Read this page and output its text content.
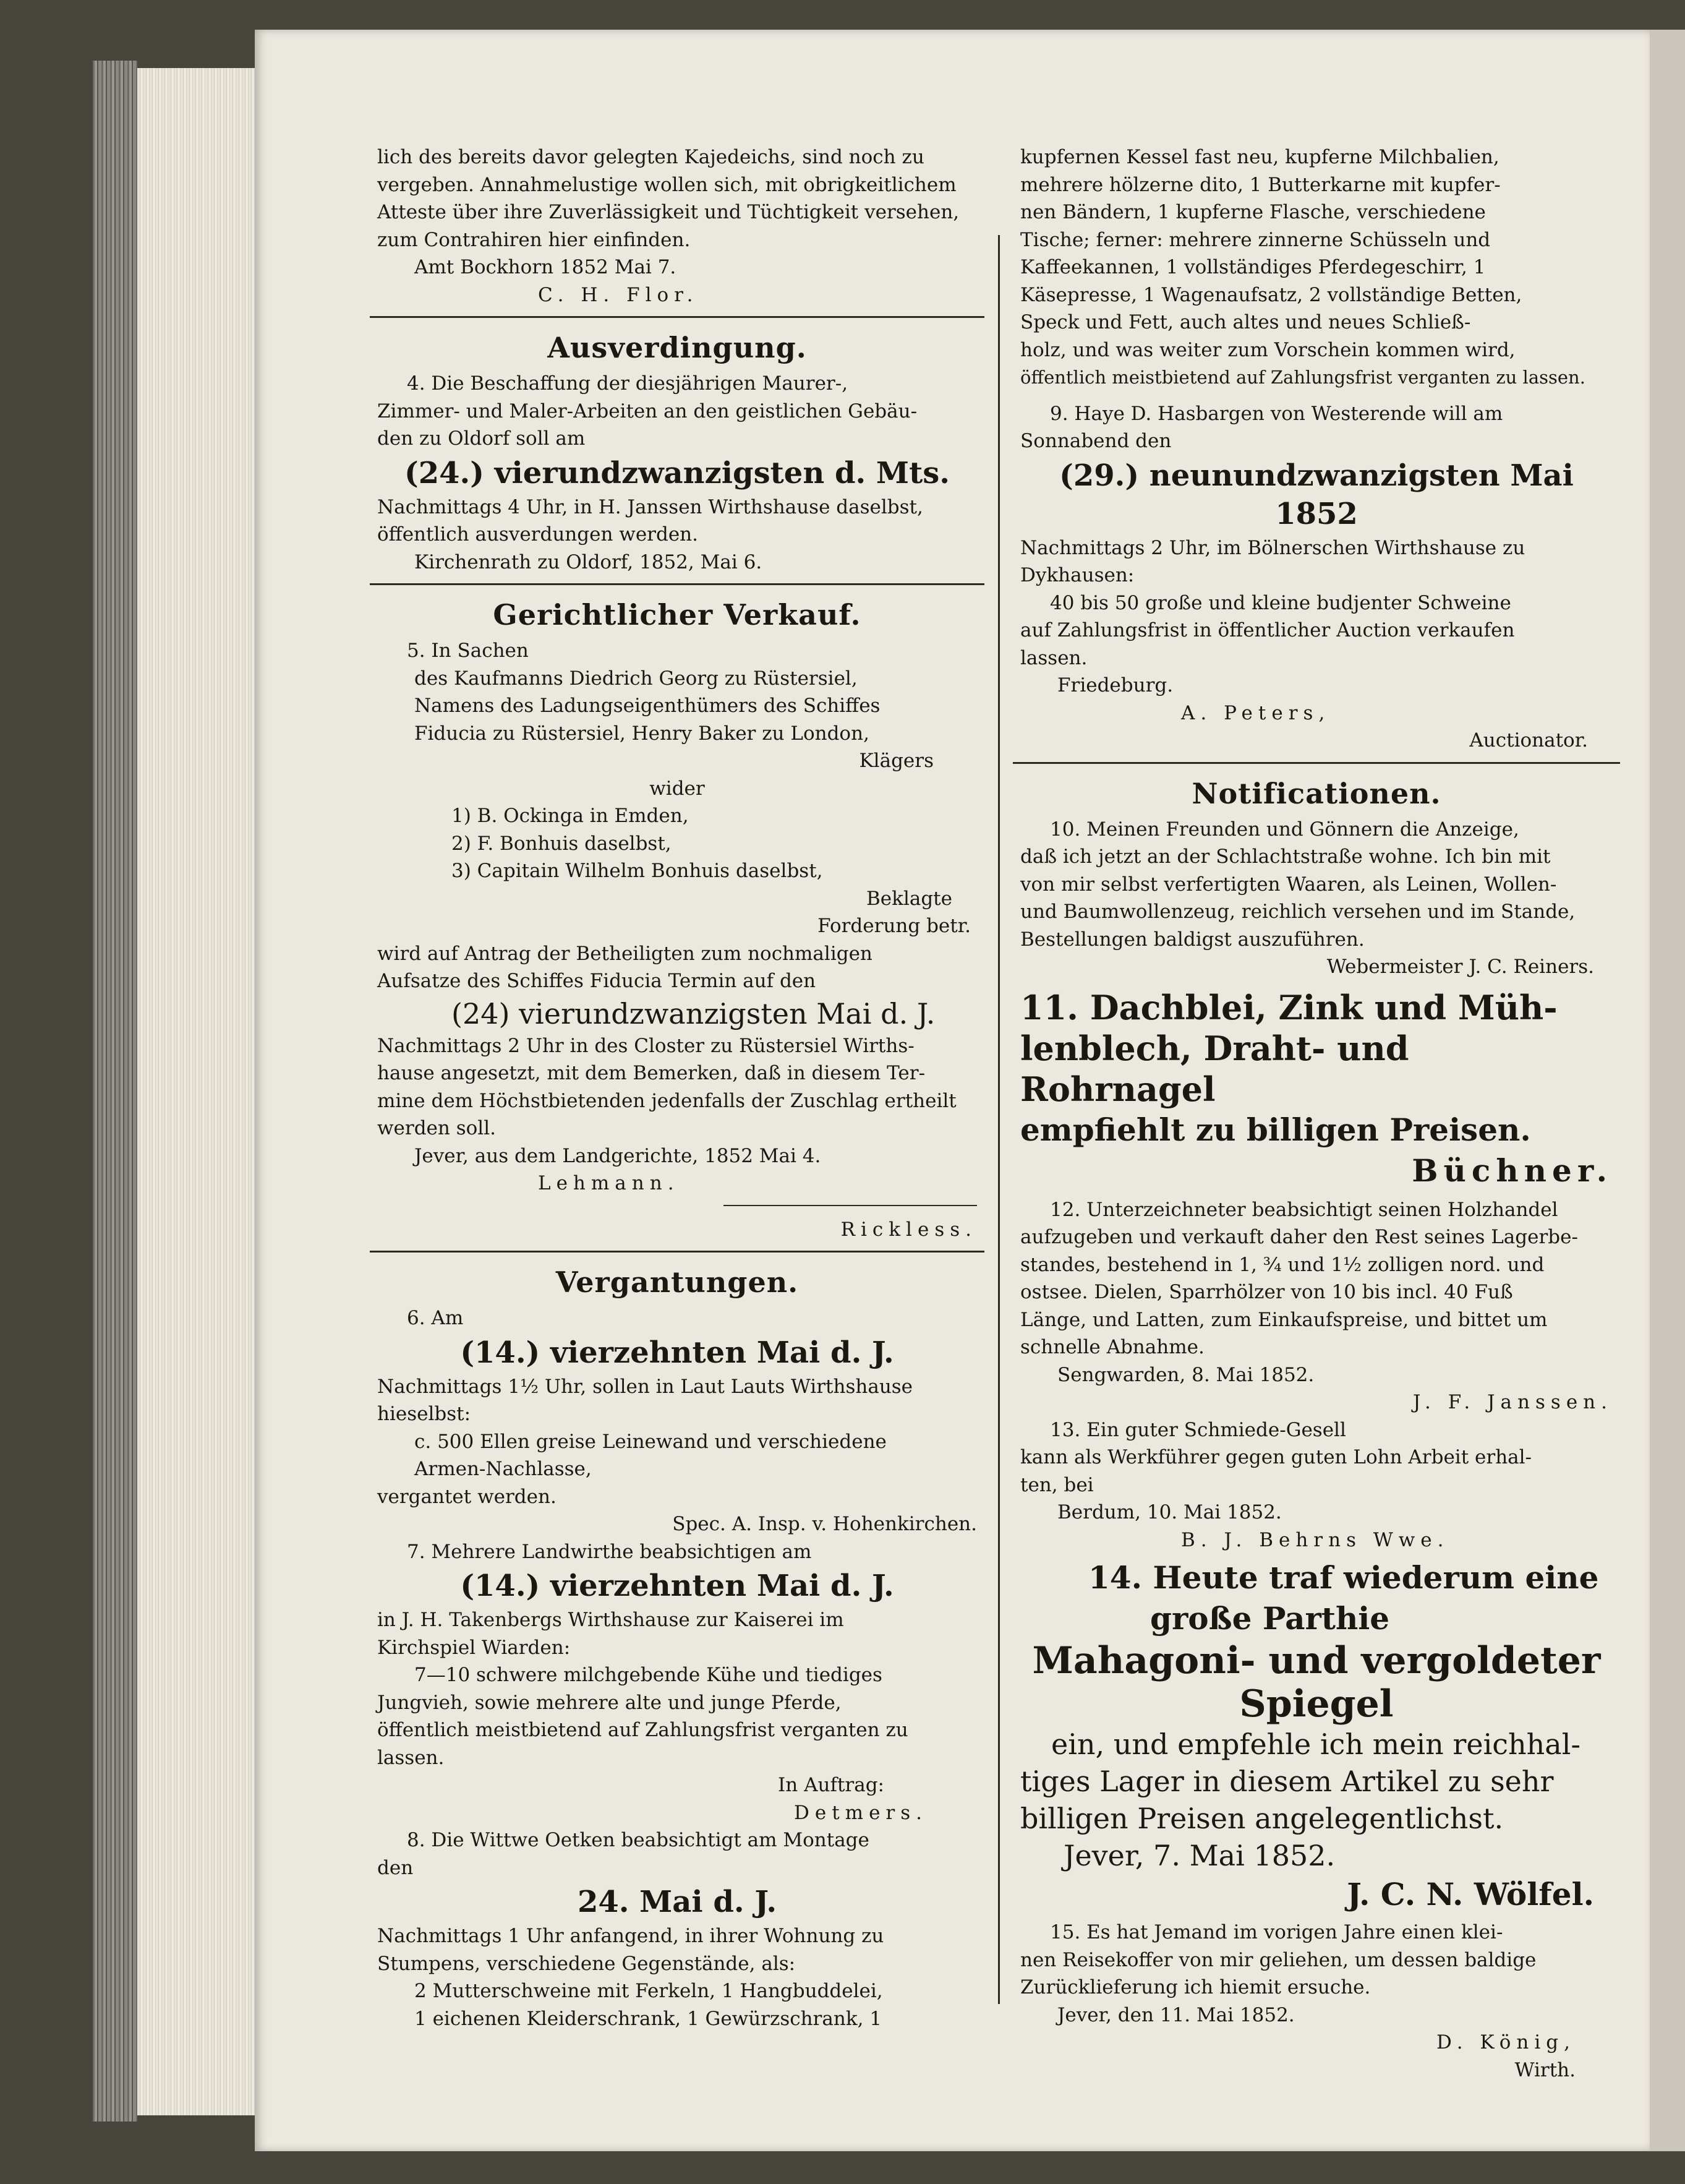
lich des bereits davor gelegten Kajedeichs, sind noch zu

vergeben. Annahmelustige wollen sich, mit obrigkeitlichem

Atteste über ihre Zuverlässigkeit und Tüchtigkeit versehen,

zum Contrahiren hier einfinden.

Amt Bockhorn 1852 Mai 7.

C. H. Flor.

Ausverdingung.

4. Die Beschaffung der diesjährigen Maurer-,

Zimmer- und Maler-Arbeiten an den geistlichen Gebäu-

den zu Oldorf soll am

(24.) vierundzwanzigsten d. Mts.

Nachmittags 4 Uhr, in H. Janssen Wirthshause daselbst,

öffentlich ausverdungen werden.

Kirchenrath zu Oldorf, 1852, Mai 6.

Gerichtlicher Verkauf.

5. In Sachen

des Kaufmanns Diedrich Georg zu Rüstersiel,

Namens des Ladungseigenthümers des Schiffes

Fiducia zu Rüstersiel, Henry Baker zu London,

Klägers

wider

1) B. Ockinga in Emden,

2) F. Bonhuis daselbst,

3) Capitain Wilhelm Bonhuis daselbst,

Beklagte

Forderung betr.

wird auf Antrag der Betheiligten zum nochmaligen

Aufsatze des Schiffes Fiducia Termin auf den

(24) vierundzwanzigsten Mai d. J.

Nachmittags 2 Uhr in des Closter zu Rüstersiel Wirths-

hause angesetzt, mit dem Bemerken, daß in diesem Ter-

mine dem Höchstbietenden jedenfalls der Zuschlag ertheilt

werden soll.

Jever, aus dem Landgerichte, 1852 Mai 4.

Lehmann.

Rickless.

Vergantungen.

6. Am

(14.) vierzehnten Mai d. J.

Nachmittags 1½ Uhr, sollen in Laut Lauts Wirthshause

hieselbst:

c. 500 Ellen greise Leinewand und verschiedene

Armen-Nachlasse,

vergantet werden.

Spec. A. Insp. v. Hohenkirchen.

7. Mehrere Landwirthe beabsichtigen am

(14.) vierzehnten Mai d. J.

in J. H. Takenbergs Wirthshause zur Kaiserei im

Kirchspiel Wiarden:

7—10 schwere milchgebende Kühe und tiediges

Jungvieh, sowie mehrere alte und junge Pferde,

öffentlich meistbietend auf Zahlungsfrist verganten zu

lassen.

In Auftrag:

Detmers.

8. Die Wittwe Oetken beabsichtigt am Montage

den

24. Mai d. J.

Nachmittags 1 Uhr anfangend, in ihrer Wohnung zu

Stumpens, verschiedene Gegenstände, als:

2 Mutterschweine mit Ferkeln, 1 Hangbuddelei,

1 eichenen Kleiderschrank, 1 Gewürzschrank, 1

kupfernen Kessel fast neu, kupferne Milchbalien,

mehrere hölzerne dito, 1 Butterkarne mit kupfer-

nen Bändern, 1 kupferne Flasche, verschiedene

Tische; ferner: mehrere zinnerne Schüsseln und

Kaffeekannen, 1 vollständiges Pferdegeschirr, 1

Käsepresse, 1 Wagenaufsatz, 2 vollständige Betten,

Speck und Fett, auch altes und neues Schließ-

holz, und was weiter zum Vorschein kommen wird,

öffentlich meistbietend auf Zahlungsfrist verganten zu lassen.

9. Haye D. Hasbargen von Westerende will am

Sonnabend den

(29.) neunundzwanzigsten Mai 1852

Nachmittags 2 Uhr, im Bölnerschen Wirthshause zu

Dykhausen:

40 bis 50 große und kleine budjenter Schweine

auf Zahlungsfrist in öffentlicher Auction verkaufen

lassen.

Friedeburg.

A. Peters,

Auctionator.

Notificationen.

10. Meinen Freunden und Gönnern die Anzeige,

daß ich jetzt an der Schlachtstraße wohne. Ich bin mit

von mir selbst verfertigten Waaren, als Leinen, Wollen-

und Baumwollenzeug, reichlich versehen und im Stande,

Bestellungen baldigst auszuführen.

Webermeister J. C. Reiners.

11. Dachblei, Zink und Müh-
lenblech, Draht- und Rohrnagel
empfiehlt zu billigen Preisen.
Büchner.

12. Unterzeichneter beabsichtigt seinen Holzhandel

aufzugeben und verkauft daher den Rest seines Lagerbe-

standes, bestehend in 1, ¾ und 1½ zolligen nord. und

ostsee. Dielen, Sparrhölzer von 10 bis incl. 40 Fuß

Länge, und Latten, zum Einkaufspreise, und bittet um

schnelle Abnahme.

Sengwarden, 8. Mai 1852.

J. F. Janssen.

13. Ein guter Schmiede-Gesell

kann als Werkführer gegen guten Lohn Arbeit erhal-

ten, bei

Berdum, 10. Mai 1852.

B. J. Behrns Wwe.

14. Heute traf wiederum eine
große Parthie
Mahagoni- und vergoldeter
Spiegel
ein, und empfehle ich mein reichhal-
tiges Lager in diesem Artikel zu sehr
billigen Preisen angelegentlichst.
Jever, 7. Mai 1852.
J. C. N. Wölfel.

15. Es hat Jemand im vorigen Jahre einen klei-

nen Reisekoffer von mir geliehen, um dessen baldige

Zurücklieferung ich hiemit ersuche.

Jever, den 11. Mai 1852.

D. König,

Wirth.
